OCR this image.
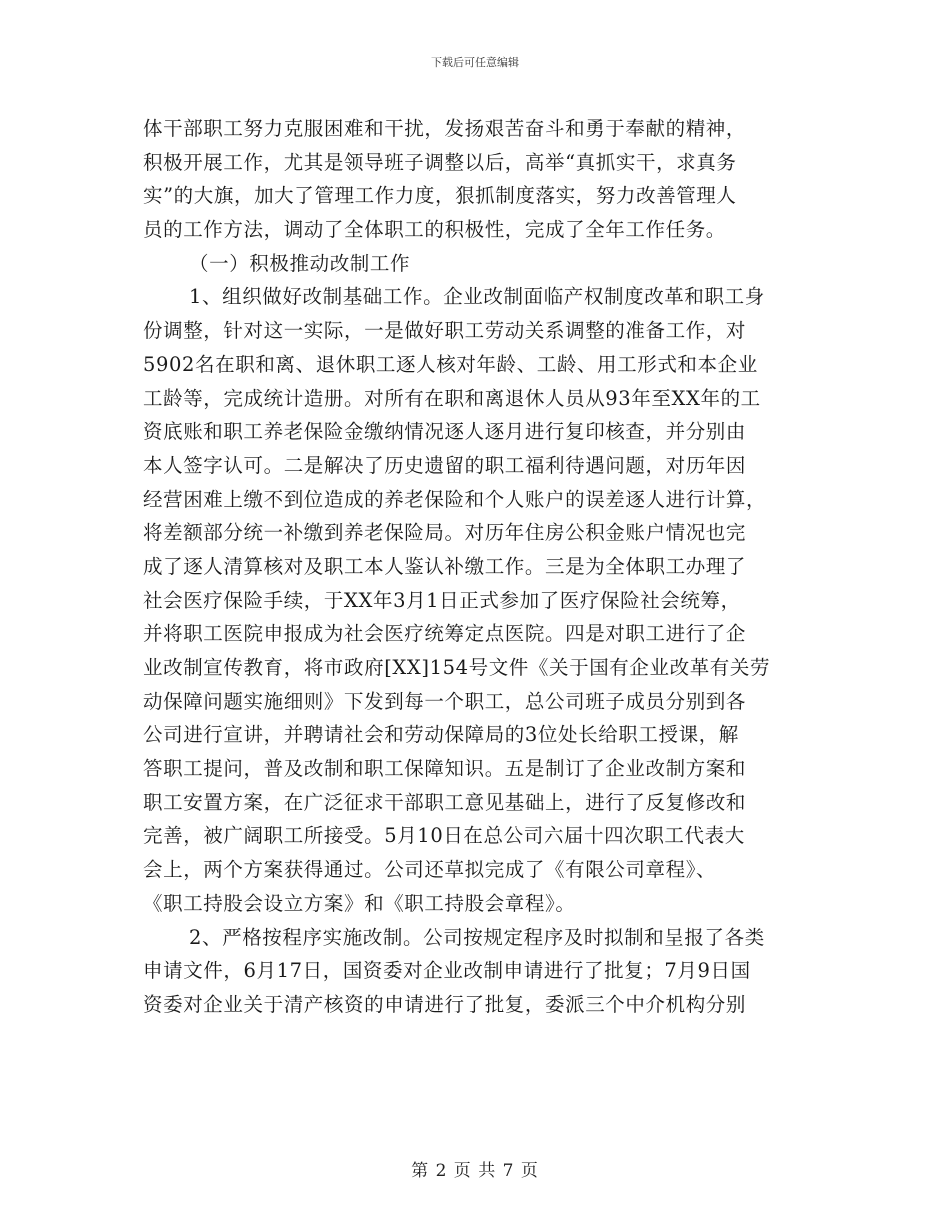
下载后可任意编辑
体干部职工努力克服困难和干扰，发扬艰苦奋斗和勇于奉献的精神，
积极开展工作，尤其是领导班子调整以后，高举“真抓实干，求真务
实”的大旗，加大了管理工作力度，狠抓制度落实，努力改善管理人
员的工作方法，调动了全体职工的积极性，完成了全年工作任务。
（一）积极推动改制工作
1、组织做好改制基础工作。企业改制面临产权制度改革和职工身
份调整，针对这一实际，一是做好职工劳动关系调整的准备工作，对
5902名在职和离、退休职工逐人核对年龄、工龄、用工形式和本企业
工龄等，完成统计造册。对所有在职和离退休人员从93年至XX年的工
资底账和职工养老保险金缴纳情况逐人逐月进行复印核查，并分别由
本人签字认可。二是解决了历史遗留的职工福利待遇问题，对历年因
经营困难上缴不到位造成的养老保险和个人账户的误差逐人进行计算，
将差额部分统一补缴到养老保险局。对历年住房公积金账户情况也完
成了逐人清算核对及职工本人鉴认补缴工作。三是为全体职工办理了
社会医疗保险手续，于XX年3月1日正式参加了医疗保险社会统筹，
并将职工医院申报成为社会医疗统筹定点医院。四是对职工进行了企
业改制宣传教育，将市政府[XX]154号文件《关于国有企业改革有关劳
动保障问题实施细则》下发到每一个职工，总公司班子成员分别到各
公司进行宣讲，并聘请社会和劳动保障局的3位处长给职工授课，解
答职工提问，普及改制和职工保障知识。五是制订了企业改制方案和
职工安置方案，在广泛征求干部职工意见基础上，进行了反复修改和
完善，被广阔职工所接受。5月10日在总公司六届十四次职工代表大
会上，两个方案获得通过。公司还草拟完成了《有限公司章程》、
《职工持股会设立方案》和《职工持股会章程》。
2、严格按程序实施改制。公司按规定程序及时拟制和呈报了各类
申请文件，6月17日，国资委对企业改制申请进行了批复；7月9日国
资委对企业关于清产核资的申请进行了批复，委派三个中介机构分别
第 2 页 共 7 页
